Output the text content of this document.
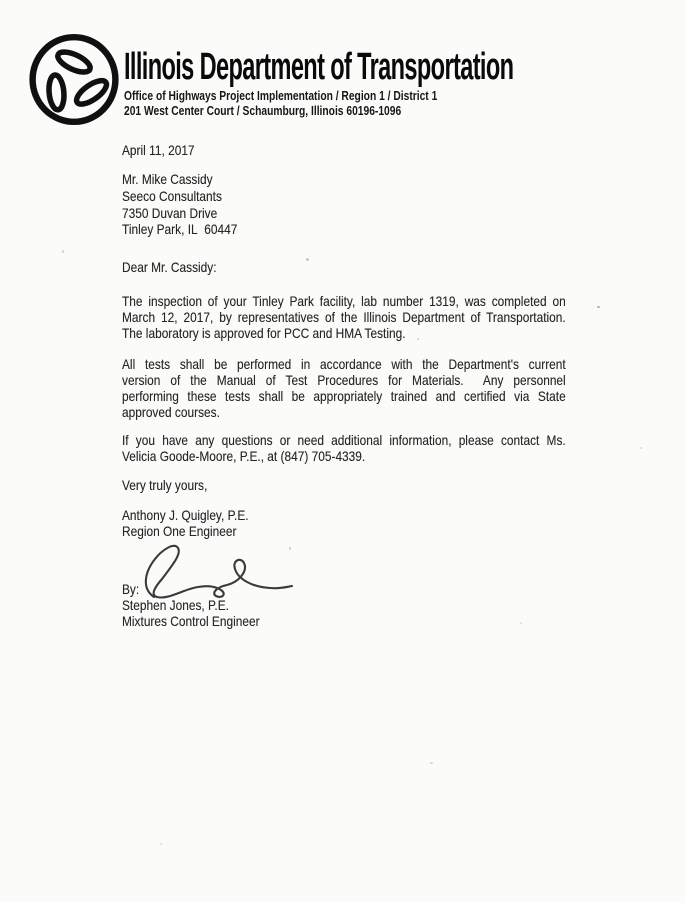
Illinois Department of Transportation
Office of Highways Project Implementation / Region 1 / District 1
201 West Center Court / Schaumburg, Illinois 60196-1096
April 11, 2017
Mr. Mike Cassidy
Seeco Consultants
7350 Duvan Drive
Tinley Park, IL  60447
Dear Mr. Cassidy:
The inspection of your Tinley Park facility, lab number 1319, was completed on
March 12, 2017, by representatives of the Illinois Department of Transportation.
The laboratory is approved for PCC and HMA Testing.
All tests shall be performed in accordance with the Department's current
version of the Manual of Test Procedures for Materials.  Any personnel
performing these tests shall be appropriately trained and certified via State
approved courses.
If you have any questions or need additional information, please contact Ms.
Velicia Goode-Moore, P.E., at (847) 705-4339.
Very truly yours,
Anthony J. Quigley, P.E.
Region One Engineer
By:
Stephen Jones, P.E.
Mixtures Control Engineer
